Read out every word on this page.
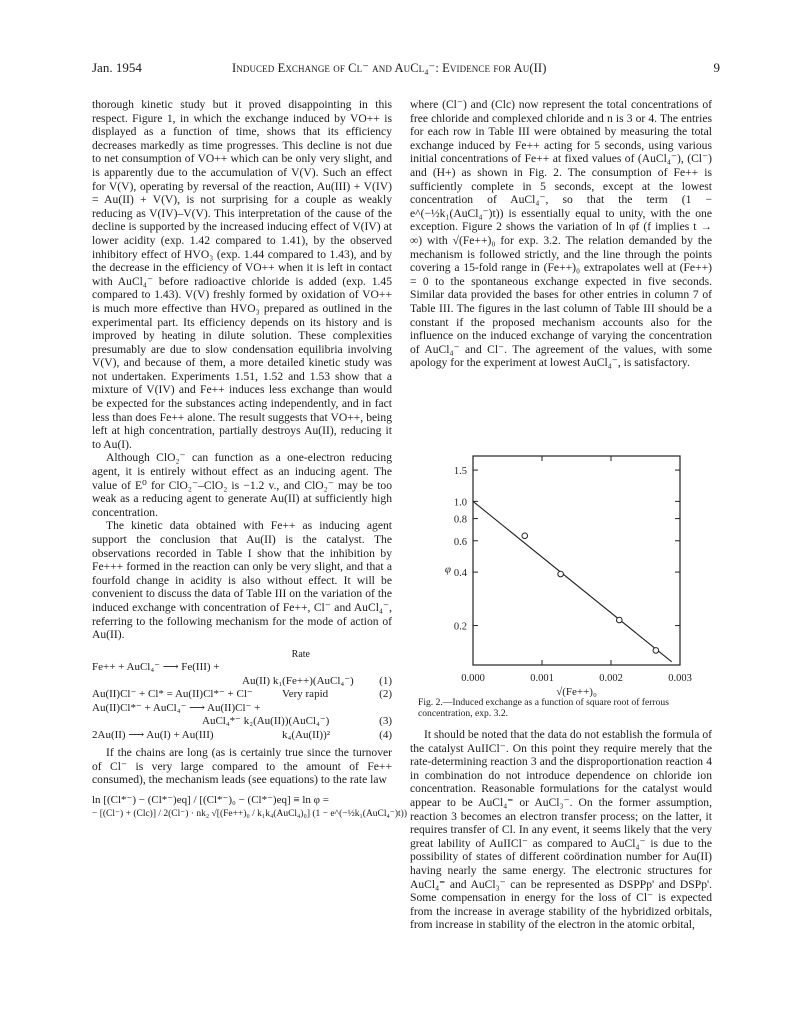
Jan. 1954	Induced Exchange of Cl⁻ and AuCl₄⁻: Evidence for Au(II)	9

thorough kinetic study but it proved disappointing in this respect. Figure 1, in which the exchange induced by VO++ is displayed as a function of time, shows that its efficiency decreases markedly as time progresses. This decline is not due to net consumption of VO++ which can be only very slight, and is apparently due to the accumulation of V(V). Such an effect for V(V), operating by reversal of the reaction, Au(III) + V(IV) = Au(II) + V(V), is not surprising for a couple as weakly reducing as V(IV)–V(V). This interpretation of the cause of the decline is supported by the increased inducing effect of V(IV) at lower acidity (exp. 1.42 compared to 1.41), by the observed inhibitory effect of HVO₃ (exp. 1.44 compared to 1.43), and by the decrease in the efficiency of VO++ when it is left in contact with AuCl₄⁻ before radioactive chloride is added (exp. 1.45 compared to 1.43). V(V) freshly formed by oxidation of VO++ is much more effective than HVO₃ prepared as outlined in the experimental part. Its efficiency depends on its history and is improved by heating in dilute solution. These complexities presumably are due to slow condensation equilibria involving V(V), and because of them, a more detailed kinetic study was not undertaken. Experiments 1.51, 1.52 and 1.53 show that a mixture of V(IV) and Fe++ induces less exchange than would be expected for the substances acting independently, and in fact less than does Fe++ alone. The result suggests that VO++, being left at high concentration, partially destroys Au(II), reducing it to Au(I).

Although ClO₂⁻ can function as a one-electron reducing agent, it is entirely without effect as an inducing agent. The value of E⁰ for ClO₂⁻–ClO₂ is −1.2 v., and ClO₂⁻ may be too weak as a reducing agent to generate Au(II) at sufficiently high concentration.

The kinetic data obtained with Fe++ as inducing agent support the conclusion that Au(II) is the catalyst. The observations recorded in Table I show that the inhibition by Fe+++ formed in the reaction can only be very slight, and that a fourfold change in acidity is also without effect. It will be convenient to discuss the data of Table III on the variation of the induced exchange with concentration of Fe++, Cl⁻ and AuCl₄⁻, referring to the following mechanism for the mode of action of Au(II).

Rate
Fe++ + AuCl₄⁻ ⟶ Fe(III) +
Au(II) k₁(Fe++)(AuCl₄⁻) (1)
Au(II)Cl⁻ + Cl* = Au(II)Cl*⁻ + Cl⁻	Very rapid	(2)
Au(II)Cl*⁻ + AuCl₄⁻ ⟶ Au(II)Cl⁻ +
AuCl₄*⁻ k₂(Au(II))(AuCl₄⁻)	(3)
2Au(II) ⟶ Au(I) + Au(III)	k₄(Au(II))²	(4)

If the chains are long (as is certainly true since the turnover of Cl⁻ is very large compared to the amount of Fe++ consumed), the mechanism leads (see equations) to the rate law

ln [(Cl*⁻) − (Cl*⁻)eq] / [(Cl*⁻)₀ − (Cl*⁻)eq] ≡ ln φ =
− [(Cl⁻) + (Clc)] / 2(Cl⁻) · nk₂ √[(Fe++)₀ / k₁k₄(AuCl₄)₀] (1 − e^(−½k₁(AuCl₄⁻)t))

where (Cl⁻) and (Clc) now represent the total concentrations of free chloride and complexed chloride and n is 3 or 4. The entries for each row in Table III were obtained by measuring the total exchange induced by Fe++ acting for 5 seconds, using various initial concentrations of Fe++ at fixed values of (AuCl₄⁻), (Cl⁻) and (H+) as shown in Fig. 2. The consumption of Fe++ is sufficiently complete in 5 seconds, except at the lowest concentration of AuCl₄⁻, so that the term (1 − e^(−½k₁(AuCl₄⁻)t)) is essentially equal to unity, with the one exception. Figure 2 shows the variation of ln φf (f implies t → ∞) with √(Fe++)₀ for exp. 3.2. The relation demanded by the mechanism is followed strictly, and the line through the points covering a 15-fold range in (Fe++)₀ extrapolates well at (Fe++) = 0 to the spontaneous exchange expected in five seconds. Similar data provided the bases for other entries in column 7 of Table III. The figures in the last column of Table III should be a constant if the proposed mechanism accounts also for the influence on the induced exchange of varying the concentration of AuCl₄⁻ and Cl⁻. The agreement of the values, with some apology for the experiment at lowest AuCl₄⁻, is satisfactory.

1.5
1.0
0.8
0.6
0.4
0.2
0.000	0.001	0.002	0.003
φ
√(Fe++)₀
Fig. 2.—Induced exchange as a function of square root of ferrous concentration, exp. 3.2.

It should be noted that the data do not establish the formula of the catalyst AuIICl⁻. On this point they require merely that the rate-determining reaction 3 and the disproportionation reaction 4 in combination do not introduce dependence on chloride ion concentration. Reasonable formulations for the catalyst would appear to be AuCl₄⁼ or AuCl₃⁻. On the former assumption, reaction 3 becomes an electron transfer process; on the latter, it requires transfer of Cl. In any event, it seems likely that the very great lability of AuIICl⁻ as compared to AuCl₄⁻ is due to the possibility of states of different coördination number for Au(II) having nearly the same energy. The electronic structures for AuCl₄⁼ and AuCl₃⁻ can be represented as DSPPp' and DSPp'. Some compensation in energy for the loss of Cl⁻ is expected from the increase in average stability of the hybridized orbitals, from increase in stability of the electron in the atomic orbital,
